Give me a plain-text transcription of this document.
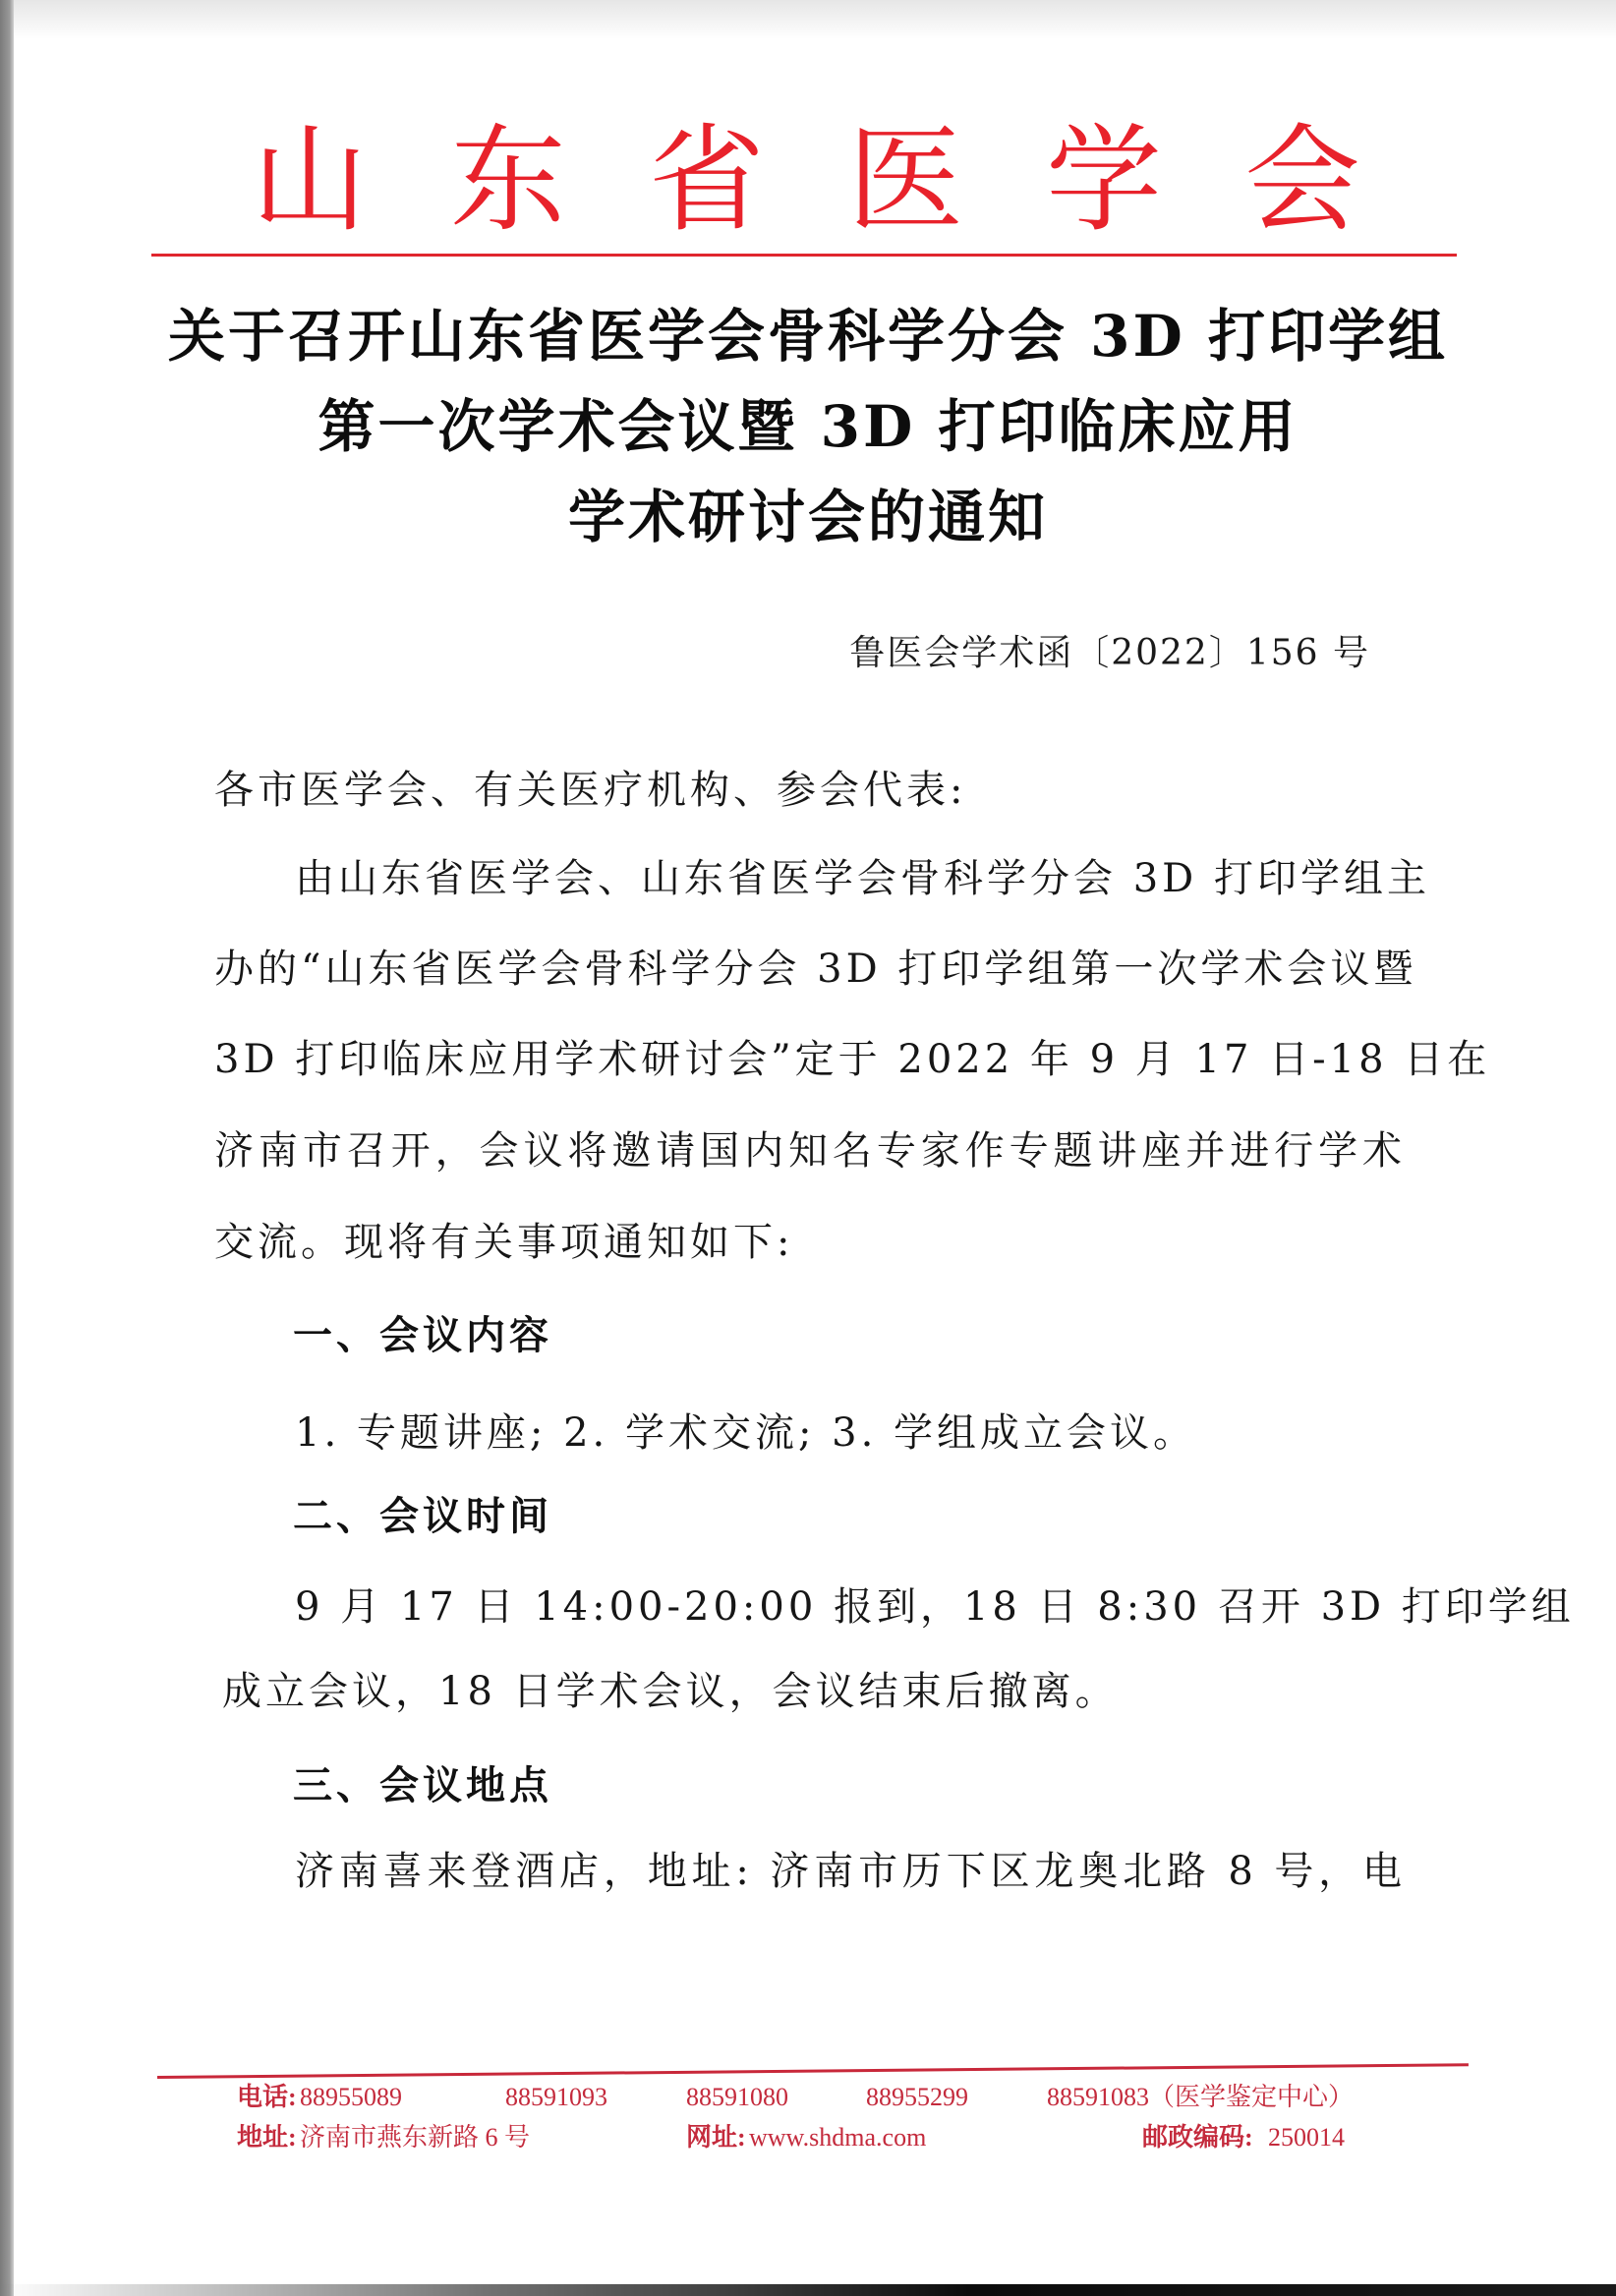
山 东 省 医 学 会
关于召开山东省医学会骨科学分会 3D 打印学组
第一次学术会议暨 3D 打印临床应用
学术研讨会的通知
鲁医会学术函〔2022〕156 号
各市医学会、有关医疗机构、参会代表:
由山东省医学会、山东省医学会骨科学分会 3D 打印学组主
办的“山东省医学会骨科学分会 3D 打印学组第一次学术会议暨
3D 打印临床应用学术研讨会”定于 2022 年 9 月 17 日-18 日在
济南市召开，会议将邀请国内知名专家作专题讲座并进行学术
交流。现将有关事项通知如下:
一、会议内容
1. 专题讲座; 2. 学术交流; 3. 学组成立会议。
二、会议时间
9 月 17 日 14:00-20:00 报到，18 日 8:30 召开 3D 打印学组
成立会议，18 日学术会议，会议结束后撤离。
三、会议地点
济南喜来登酒店，地址: 济南市历下区龙奥北路 8 号，电
电话: 88955089	88591093	88591080	88955299	88591083（医学鉴定中心）
地址: 济南市燕东新路 6 号	网址: www.shdma.com	邮政编码: 250014
